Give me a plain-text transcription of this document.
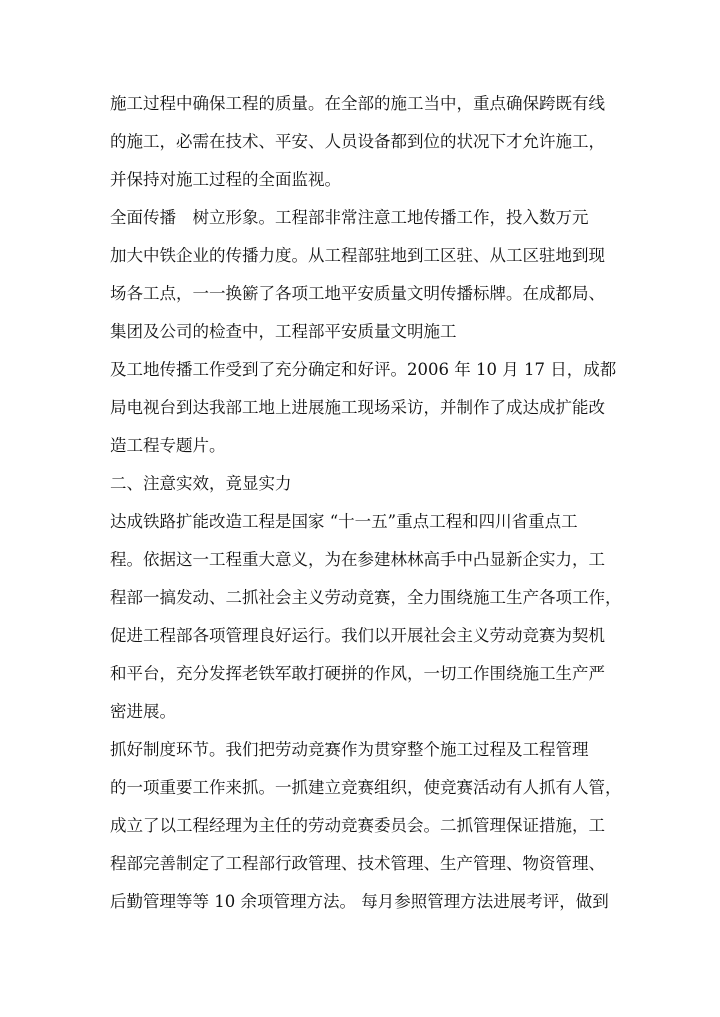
施工过程中确保工程的质量。在全部的施工当中，重点确保跨既有线
的施工，必需在技术、平安、人员设备都到位的状况下才允许施工，
并保持对施工过程的全面监视。
全面传播　树立形象。工程部非常注意工地传播工作，投入数万元
加大中铁企业的传播力度。从工程部驻地到工区驻、从工区驻地到现
场各工点，一一换簖了各项工地平安质量文明传播标牌。在成都局、
集团及公司的检查中，工程部平安质量文明施工
及工地传播工作受到了充分确定和好评。2006 年 10 月 17 日，成都
局电视台到达我部工地上进展施工现场采访，并制作了成达成扩能改
造工程专题片。
二、注意实效，竟显实力
达成铁路扩能改造工程是国家 “十一五”重点工程和四川省重点工
程。依据这一工程重大意义，为在参建林林高手中凸显新企实力，工
程部一搞发动、二抓社会主义劳动竞赛，全力围绕施工生产各项工作，
促进工程部各项管理良好运行。我们以开展社会主义劳动竞赛为契机
和平台，充分发挥老铁军敢打硬拼的作风，一切工作围绕施工生产严
密进展。
抓好制度环节。我们把劳动竞赛作为贯穿整个施工过程及工程管理
的一项重要工作来抓。一抓建立竞赛组织，使竞赛活动有人抓有人管，
成立了以工程经理为主任的劳动竞赛委员会。二抓管理保证措施，工
程部完善制定了工程部行政管理、技术管理、生产管理、物资管理、
后勤管理等等 10 余项管理方法。 每月参照管理方法进展考评，做到
